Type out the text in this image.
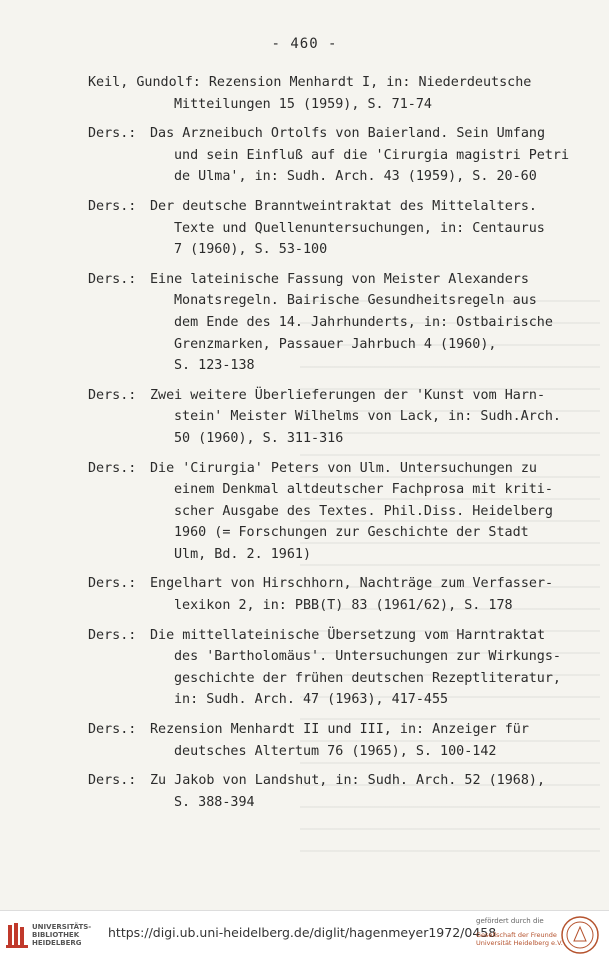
- 460 -
Keil, Gundolf: Rezension Menhardt I, in: Niederdeutsche
Mitteilungen 15 (1959), S. 71-74
Ders.: Das Arzneibuch Ortolfs von Baierland. Sein Umfang
und sein Einfluß auf die 'Cirurgia magistri Petri
de Ulma', in: Sudh. Arch. 43 (1959), S. 20-60
Ders.: Der deutsche Branntweintraktat des Mittelalters.
Texte und Quellenuntersuchungen, in: Centaurus
7 (1960), S. 53-100
Ders.: Eine lateinische Fassung von Meister Alexanders
Monatsregeln. Bairische Gesundheitsregeln aus
dem Ende des 14. Jahrhunderts, in: Ostbairische
Grenzmarken, Passauer Jahrbuch 4 (1960),
S. 123-138
Ders.: Zwei weitere Überlieferungen der 'Kunst vom Harn-
stein' Meister Wilhelms von Lack, in: Sudh.Arch.
50 (1960), S. 311-316
Ders.: Die 'Cirurgia' Peters von Ulm. Untersuchungen zu
einem Denkmal altdeutscher Fachprosa mit kriti-
scher Ausgabe des Textes. Phil.Diss. Heidelberg
1960 (= Forschungen zur Geschichte der Stadt
Ulm, Bd. 2. 1961)
Ders.: Engelhart von Hirschhorn, Nachträge zum Verfasser-
lexikon 2, in: PBB(T) 83 (1961/62), S. 178
Ders.: Die mittellateinische Übersetzung vom Harntraktat
des 'Bartholomäus'. Untersuchungen zur Wirkungs-
geschichte der frühen deutschen Rezeptliteratur,
in: Sudh. Arch. 47 (1963), 417-455
Ders.: Rezension Menhardt II und III, in: Anzeiger für
deutsches Altertum 76 (1965), S. 100-142
Ders.: Zu Jakob von Landshut, in: Sudh. Arch. 52 (1968),
S. 388-394
UNIVERSITÄTS-
BIBLIOTHEK
HEIDELBERG
https://digi.ub.uni-heidelberg.de/diglit/hagenmeyer1972/0458
gefördert durch die
Gesellschaft der Freunde
Universität Heidelberg e.V.
